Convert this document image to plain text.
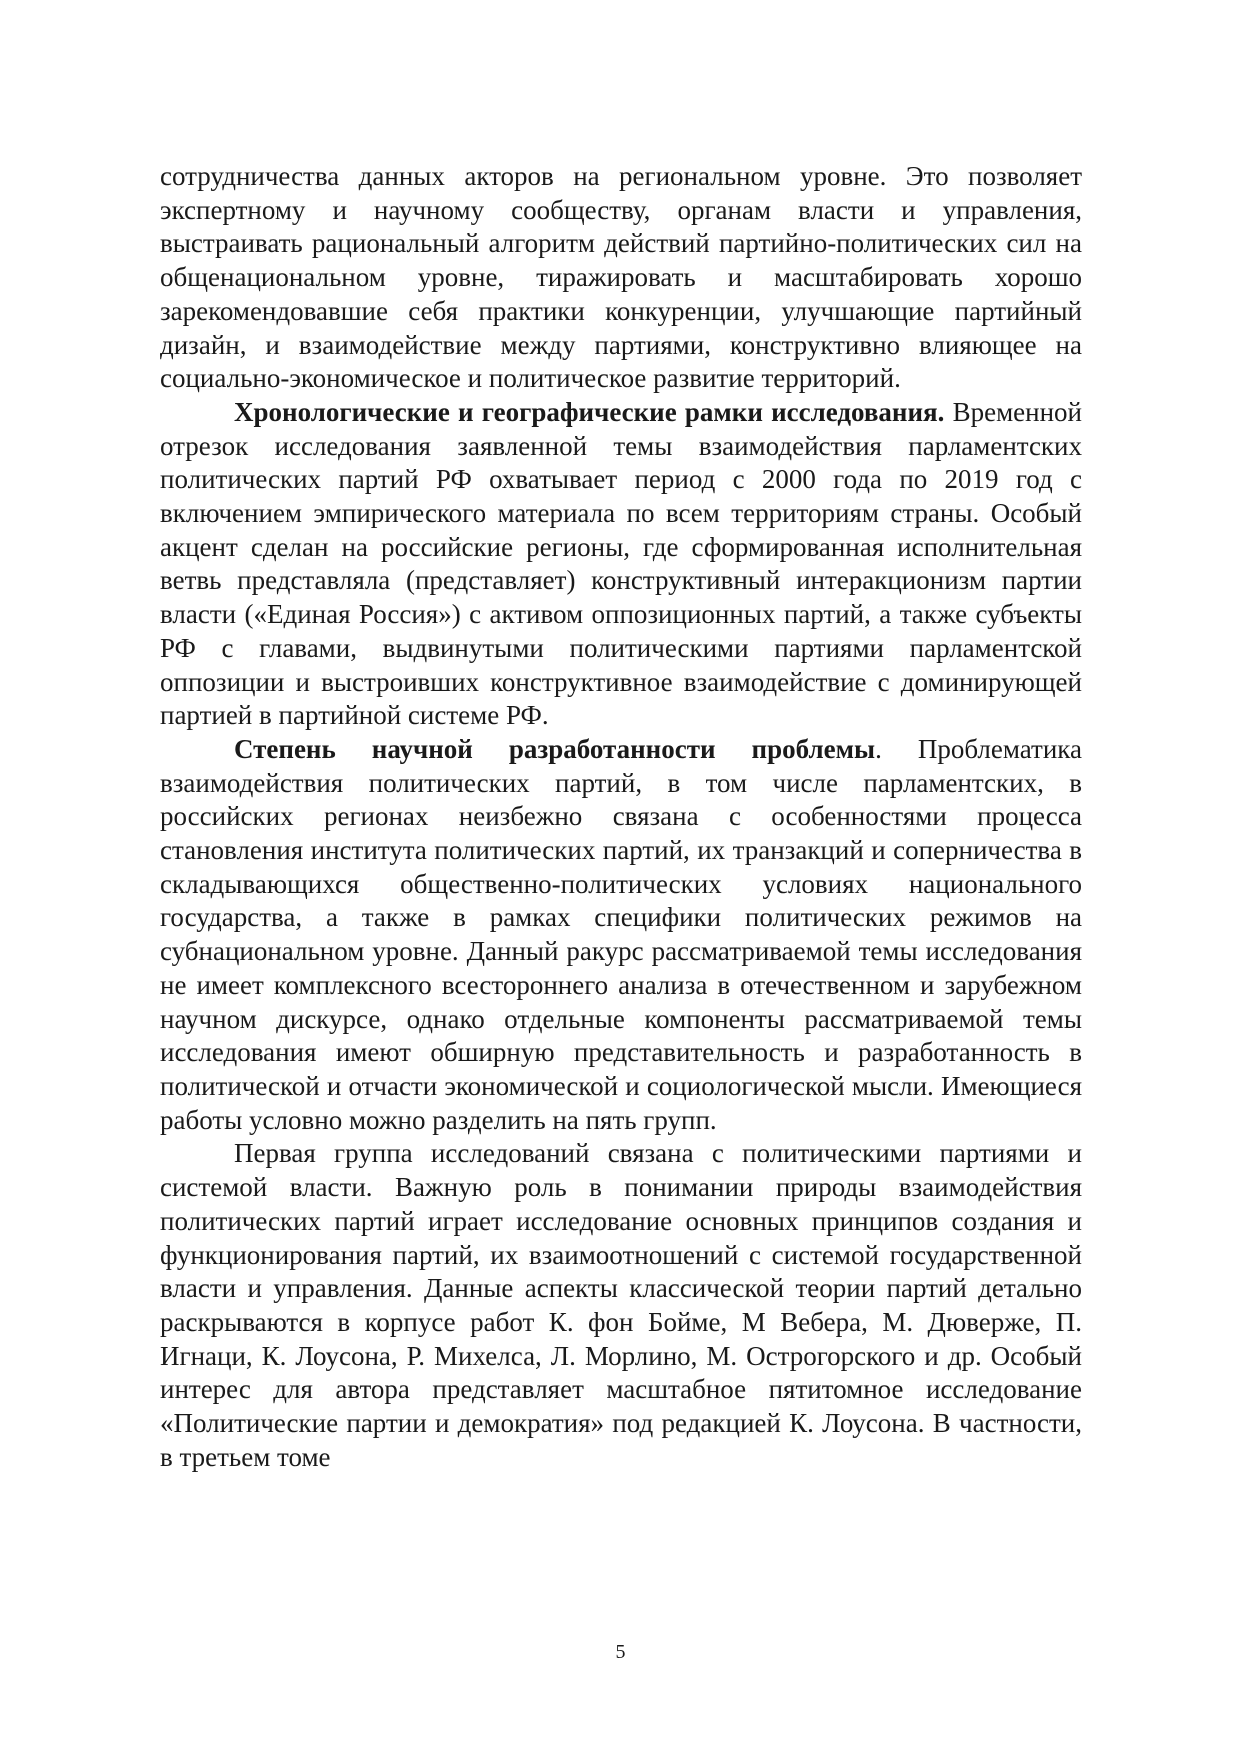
сотрудничества данных акторов на региональном уровне. Это позволяет экспертному и научному сообществу, органам власти и управления, выстраивать рациональный алгоритм действий партийно-политических сил на общенациональном уровне, тиражировать и масштабировать хорошо зарекомендовавшие себя практики конкуренции, улучшающие партийный дизайн, и взаимодействие между партиями, конструктивно влияющее на социально-экономическое и политическое развитие территорий.

Хронологические и географические рамки исследования. Временной отрезок исследования заявленной темы взаимодействия парламентских политических партий РФ охватывает период с 2000 года по 2019 год с включением эмпирического материала по всем территориям страны. Особый акцент сделан на российские регионы, где сформированная исполнительная ветвь представляла (представляет) конструктивный интеракционизм партии власти («Единая Россия») с активом оппозиционных партий, а также субъекты РФ с главами, выдвинутыми политическими партиями парламентской оппозиции и выстроивших конструктивное взаимодействие с доминирующей партией в партийной системе РФ.

Степень научной разработанности проблемы. Проблематика взаимодействия политических партий, в том числе парламентских, в российских регионах неизбежно связана с особенностями процесса становления института политических партий, их транзакций и соперничества в складывающихся общественно-политических условиях национального государства, а также в рамках специфики политических режимов на субнациональном уровне. Данный ракурс рассматриваемой темы исследования не имеет комплексного всестороннего анализа в отечественном и зарубежном научном дискурсе, однако отдельные компоненты рассматриваемой темы исследования имеют обширную представительность и разработанность в политической и отчасти экономической и социологической мысли. Имеющиеся работы условно можно разделить на пять групп.

Первая группа исследований связана с политическими партиями и системой власти. Важную роль в понимании природы взаимодействия политических партий играет исследование основных принципов создания и функционирования партий, их взаимоотношений с системой государственной власти и управления. Данные аспекты классической теории партий детально раскрываются в корпусе работ К. фон Бойме, М Вебера, М. Дюверже, П. Игнаци, К. Лоусона, Р. Михелса, Л. Морлино, М. Острогорского и др. Особый интерес для автора представляет масштабное пятитомное исследование «Политические партии и демократия» под редакцией К. Лоусона. В частности, в третьем томе

5
